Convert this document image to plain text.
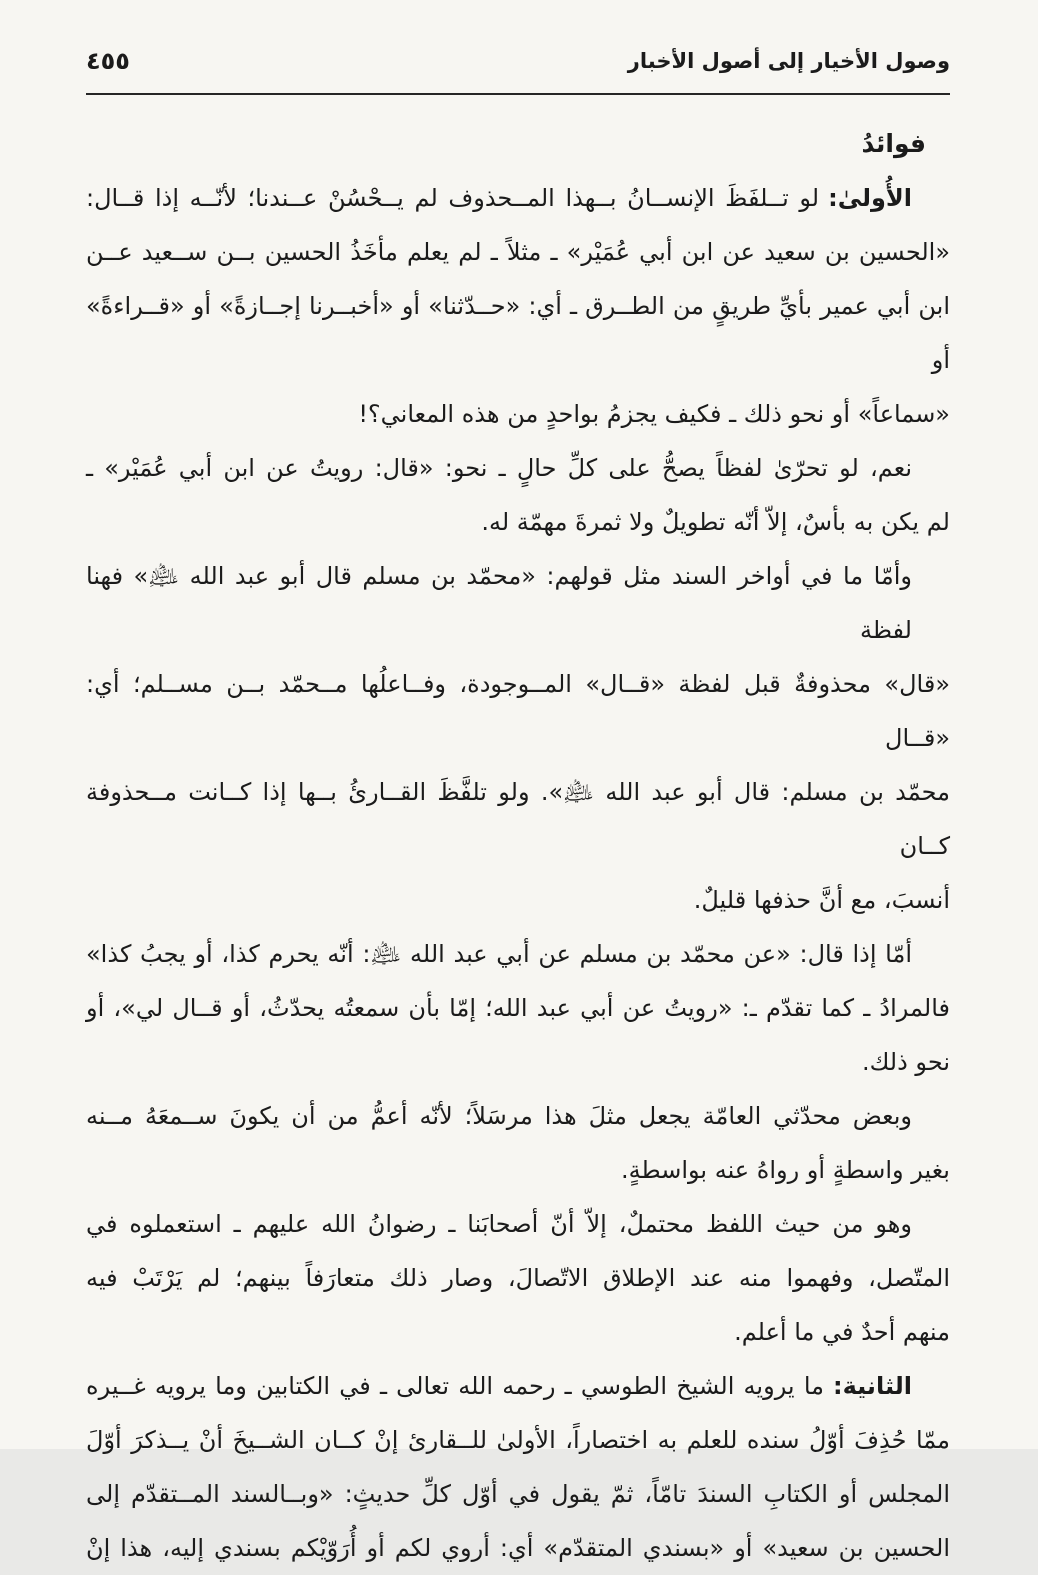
وصول الأخيار إلى أصول الأخبار
٤٥٥
فوائدُ
الأُولىٰ:لو تــلفَظَ الإنســانُ بــهذا المــحذوف لم يــحْسُنْ عــندنا؛ لأنّــه إذا قــال:
«الحسين بن سعيد عن ابن أبي عُمَيْر» ـ مثلاً ـ لم يعلم مأخَذُ الحسين بــن ســعيد عــن
ابن أبي عمير بأيِّ طريقٍ من الطــرق ـ أي: «حــدّثنا» أو «أخبــرنا إجــازةً» أو «قــراءةً» أو
«سماعاً» أو نحو ذلك ـ فكيف يجزمُ بواحدٍ من هذه المعاني؟!
نعم، لو تحرّىٰ لفظاً يصحُّ على كلِّ حالٍ ـ نحو: «قال: رويتُ عن ابن أبي عُمَيْر» ـ
لم يكن به بأسٌ، إلاّ أنّه تطويلٌ ولا ثمرةَ مهمّة له.
وأمّا ما في أواخر السند مثل قولهم: «محمّد بن مسلم قال أبو عبد الله ﵇» فهنا لفظة
«قال» محذوفةٌ قبل لفظة «قــال» المــوجودة، وفــاعلُها مــحمّد بــن مســلم؛ أي: «قــال
محمّد بن مسلم: قال أبو عبد الله ﵇». ولو تلفَّظَ القــارئُ بــها إذا كــانت مــحذوفة كــان
أنسبَ، مع أنَّ حذفها قليلٌ.
أمّا إذا قال: «عن محمّد بن مسلم عن أبي عبد الله ﵇: أنّه يحرم كذا، أو يجبُ كذا»
فالمرادُ ـ كما تقدّم ـ: «رويتُ عن أبي عبد الله؛ إمّا بأن سمعتُه يحدّثُ، أو قــال لي»، أو
نحو ذلك.
وبعض محدّثي العامّة يجعل مثلَ هذا مرسَلاً؛ لأنّه أعمُّ من أن يكونَ ســمعَهُ مــنه
بغير واسطةٍ أو رواهُ عنه بواسطةٍ.
وهو من حيث اللفظ محتملٌ، إلاّ أنّ أصحابَنا ـ رضوانُ الله عليهم ـ استعملوه في
المتّصل، وفهموا منه عند الإطلاق الاتّصالَ، وصار ذلك متعارَفاً بينهم؛ لم يَرْتَبْ فيه
منهم أحدٌ في ما أعلم.
الثانية:ما يرويه الشيخ الطوسي ـ رحمه الله تعالى ـ في الكتابين وما يرويه غــيره
ممّا حُذِفَ أوّلُ سنده للعلم به اختصاراً، الأولىٰ للــقارئ إنْ كــان الشــيخَ أنْ يــذكرَ أوّلَ
المجلس أو الكتابِ السندَ تامّاً، ثمّ يقول في أوّل كلِّ حديثٍ: «وبــالسند المــتقدّم إلى
الحسين بن سعيد» أو «بسندي المتقدّم» أي: أروي لكم أو أُرَوّيْكم بسندي إليه، هذا إنْ
